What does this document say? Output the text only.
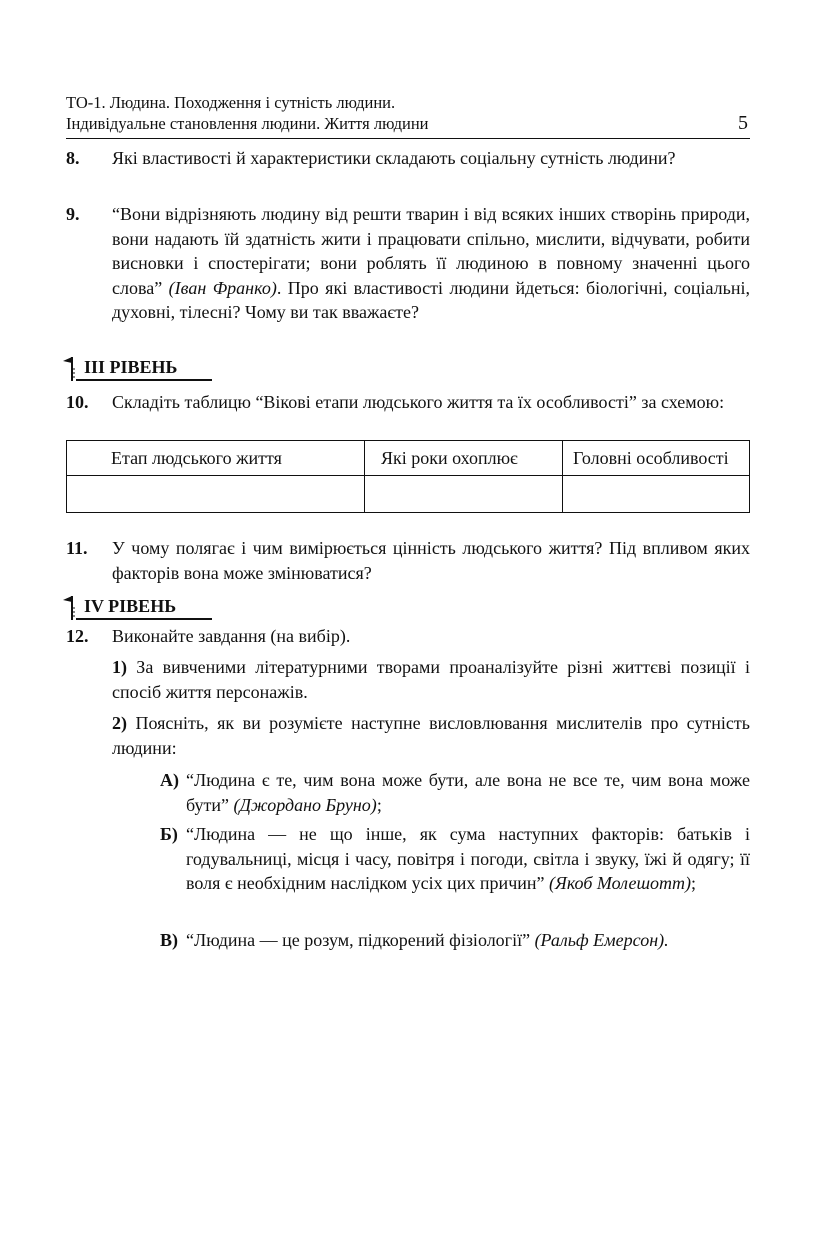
ТО-1. Людина. Походження і сутність людини.
Індивідуальне становлення людини. Життя людини	5
8. Які властивості й характеристики складають соціальну сутність людини?
9. “Вони відрізняють людину від решти тварин і від всяких інших створінь природи, вони надають їй здатність жити і працювати спільно, мислити, відчувати, робити висновки і спостерігати; вони роблять її людиною в повному значенні цього слова” (Іван Франко). Про які властивості людини йдеться: біологічні, соціальні, духовні, тілесні? Чому ви так вважаєте?
III РІВЕНЬ
10. Складіть таблицю “Вікові етапи людського життя та їх особливості” за схемою:
Етап людського життя	Які роки охоплює	Головні особливості

11. У чому полягає і чим вимірюється цінність людського життя? Під впливом яких факторів вона може змінюватися?
IV РІВЕНЬ
12. Виконайте завдання (на вибір).
1) За вивченими літературними творами проаналізуйте різні життєві позиції і спосіб життя персонажів.
2) Поясніть, як ви розумієте наступне висловлювання мислителів про сутність людини:
А) “Людина є те, чим вона може бути, але вона не все те, чим вона може бути” (Джордано Бруно);
Б) “Людина — не що інше, як сума наступних факторів: батьків і годувальниці, місця і часу, повітря і погоди, світла і звуку, їжі й одягу; її воля є необхідним наслідком усіх цих причин” (Якоб Молешотт);
В) “Людина — це розум, підкорений фізіології” (Ральф Емерсон).
